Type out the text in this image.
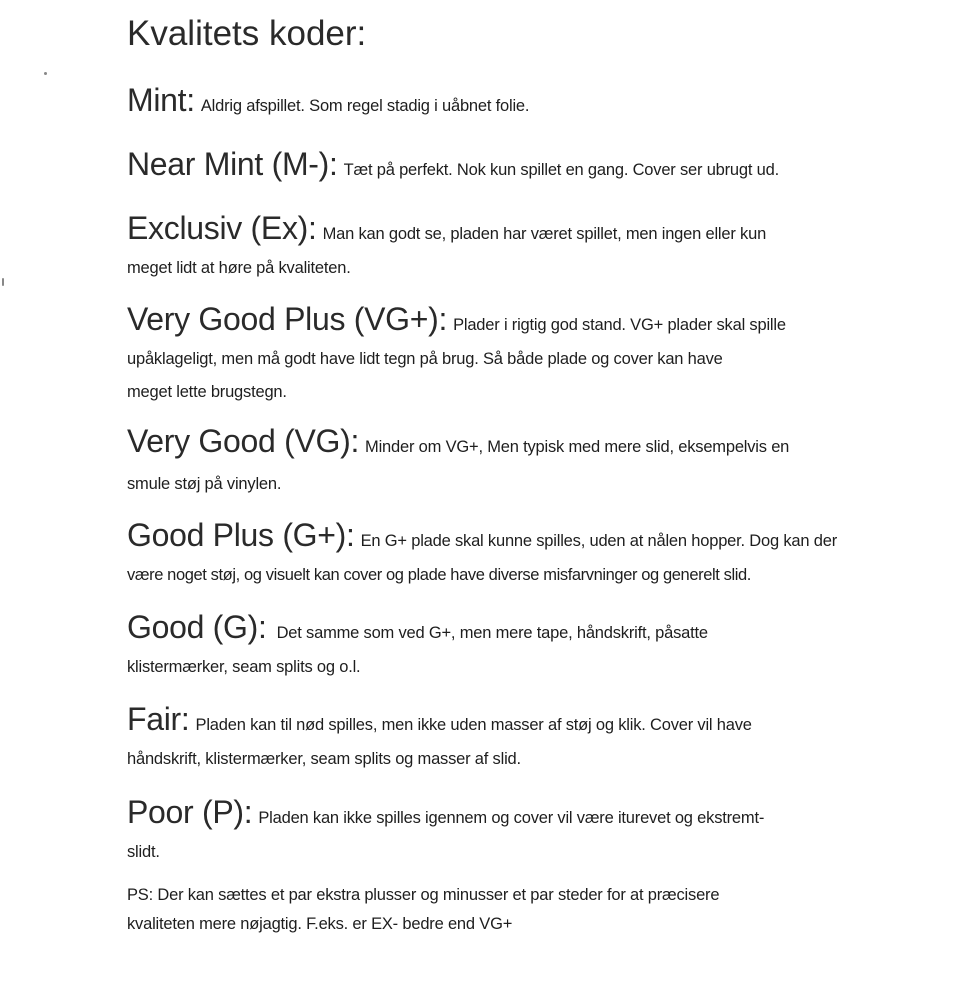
Kvalitets koder:
Mint: Aldrig afspillet. Som regel stadig i uåbnet folie.
Near Mint (M-): Tæt på perfekt. Nok kun spillet en gang. Cover ser ubrugt ud.
Exclusiv (Ex): Man kan godt se, pladen har været spillet, men ingen eller kun
meget lidt at høre på kvaliteten.
Very Good Plus (VG+): Plader i rigtig god stand. VG+ plader skal spille
upåklageligt, men må godt have lidt tegn på brug. Så både plade og cover kan have
meget lette brugstegn.
Very Good (VG): Minder om VG+, Men typisk med mere slid, eksempelvis en
smule støj på vinylen.
Good Plus (G+): En G+ plade skal kunne spilles, uden at nålen hopper. Dog kan der
være noget støj, og visuelt kan cover og plade have diverse misfarvninger og generelt slid.
Good (G): Det samme som ved G+, men mere tape, håndskrift, påsatte
klistermærker, seam splits og o.l.
Fair: Pladen kan til nød spilles, men ikke uden masser af støj og klik. Cover vil have
håndskrift, klistermærker, seam splits og masser af slid.
Poor (P): Pladen kan ikke spilles igennem og cover vil være iturevet og ekstremt-
slidt.
PS: Der kan sættes et par ekstra plusser og minusser et par steder for at præcisere
kvaliteten mere nøjagtig. F.eks. er EX- bedre end VG+
